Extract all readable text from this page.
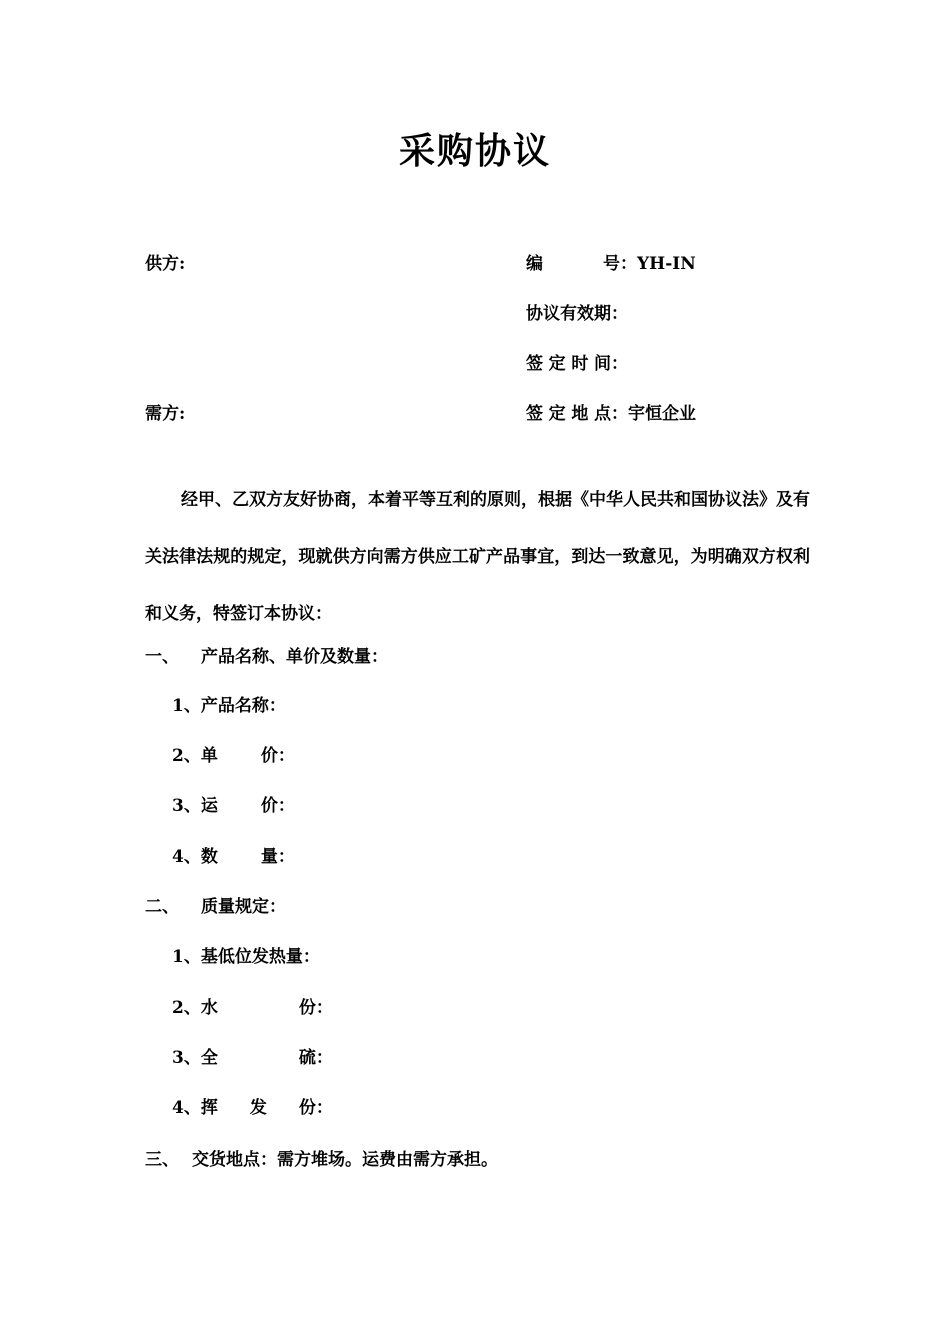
采购协议
供方:	编	号 ：YH-IN
协议有效期：
签 定 时 间 ：
需方:	签 定 地 点 ：宇恒企业
经甲、乙双方友好协商，本着平等互利的原则，根据《中华人民共和国协议法》及有关法律法规的规定，现就供方向需方供应工矿产品事宜，到达一致意见，为明确双方权利和义务，特签订本协议：
一、 产品名称、单价及数量：
1、产品名称：
2、 单	价 ：
3、 运	价 ：
4、 数	量 ：
二、 质量规定：
1、基低位发热量：
2、 水	份 ：
3、 全	硫 ：
4、 挥 发 份 ：
三、 交货地点：需方堆场。运费由需方承担。
